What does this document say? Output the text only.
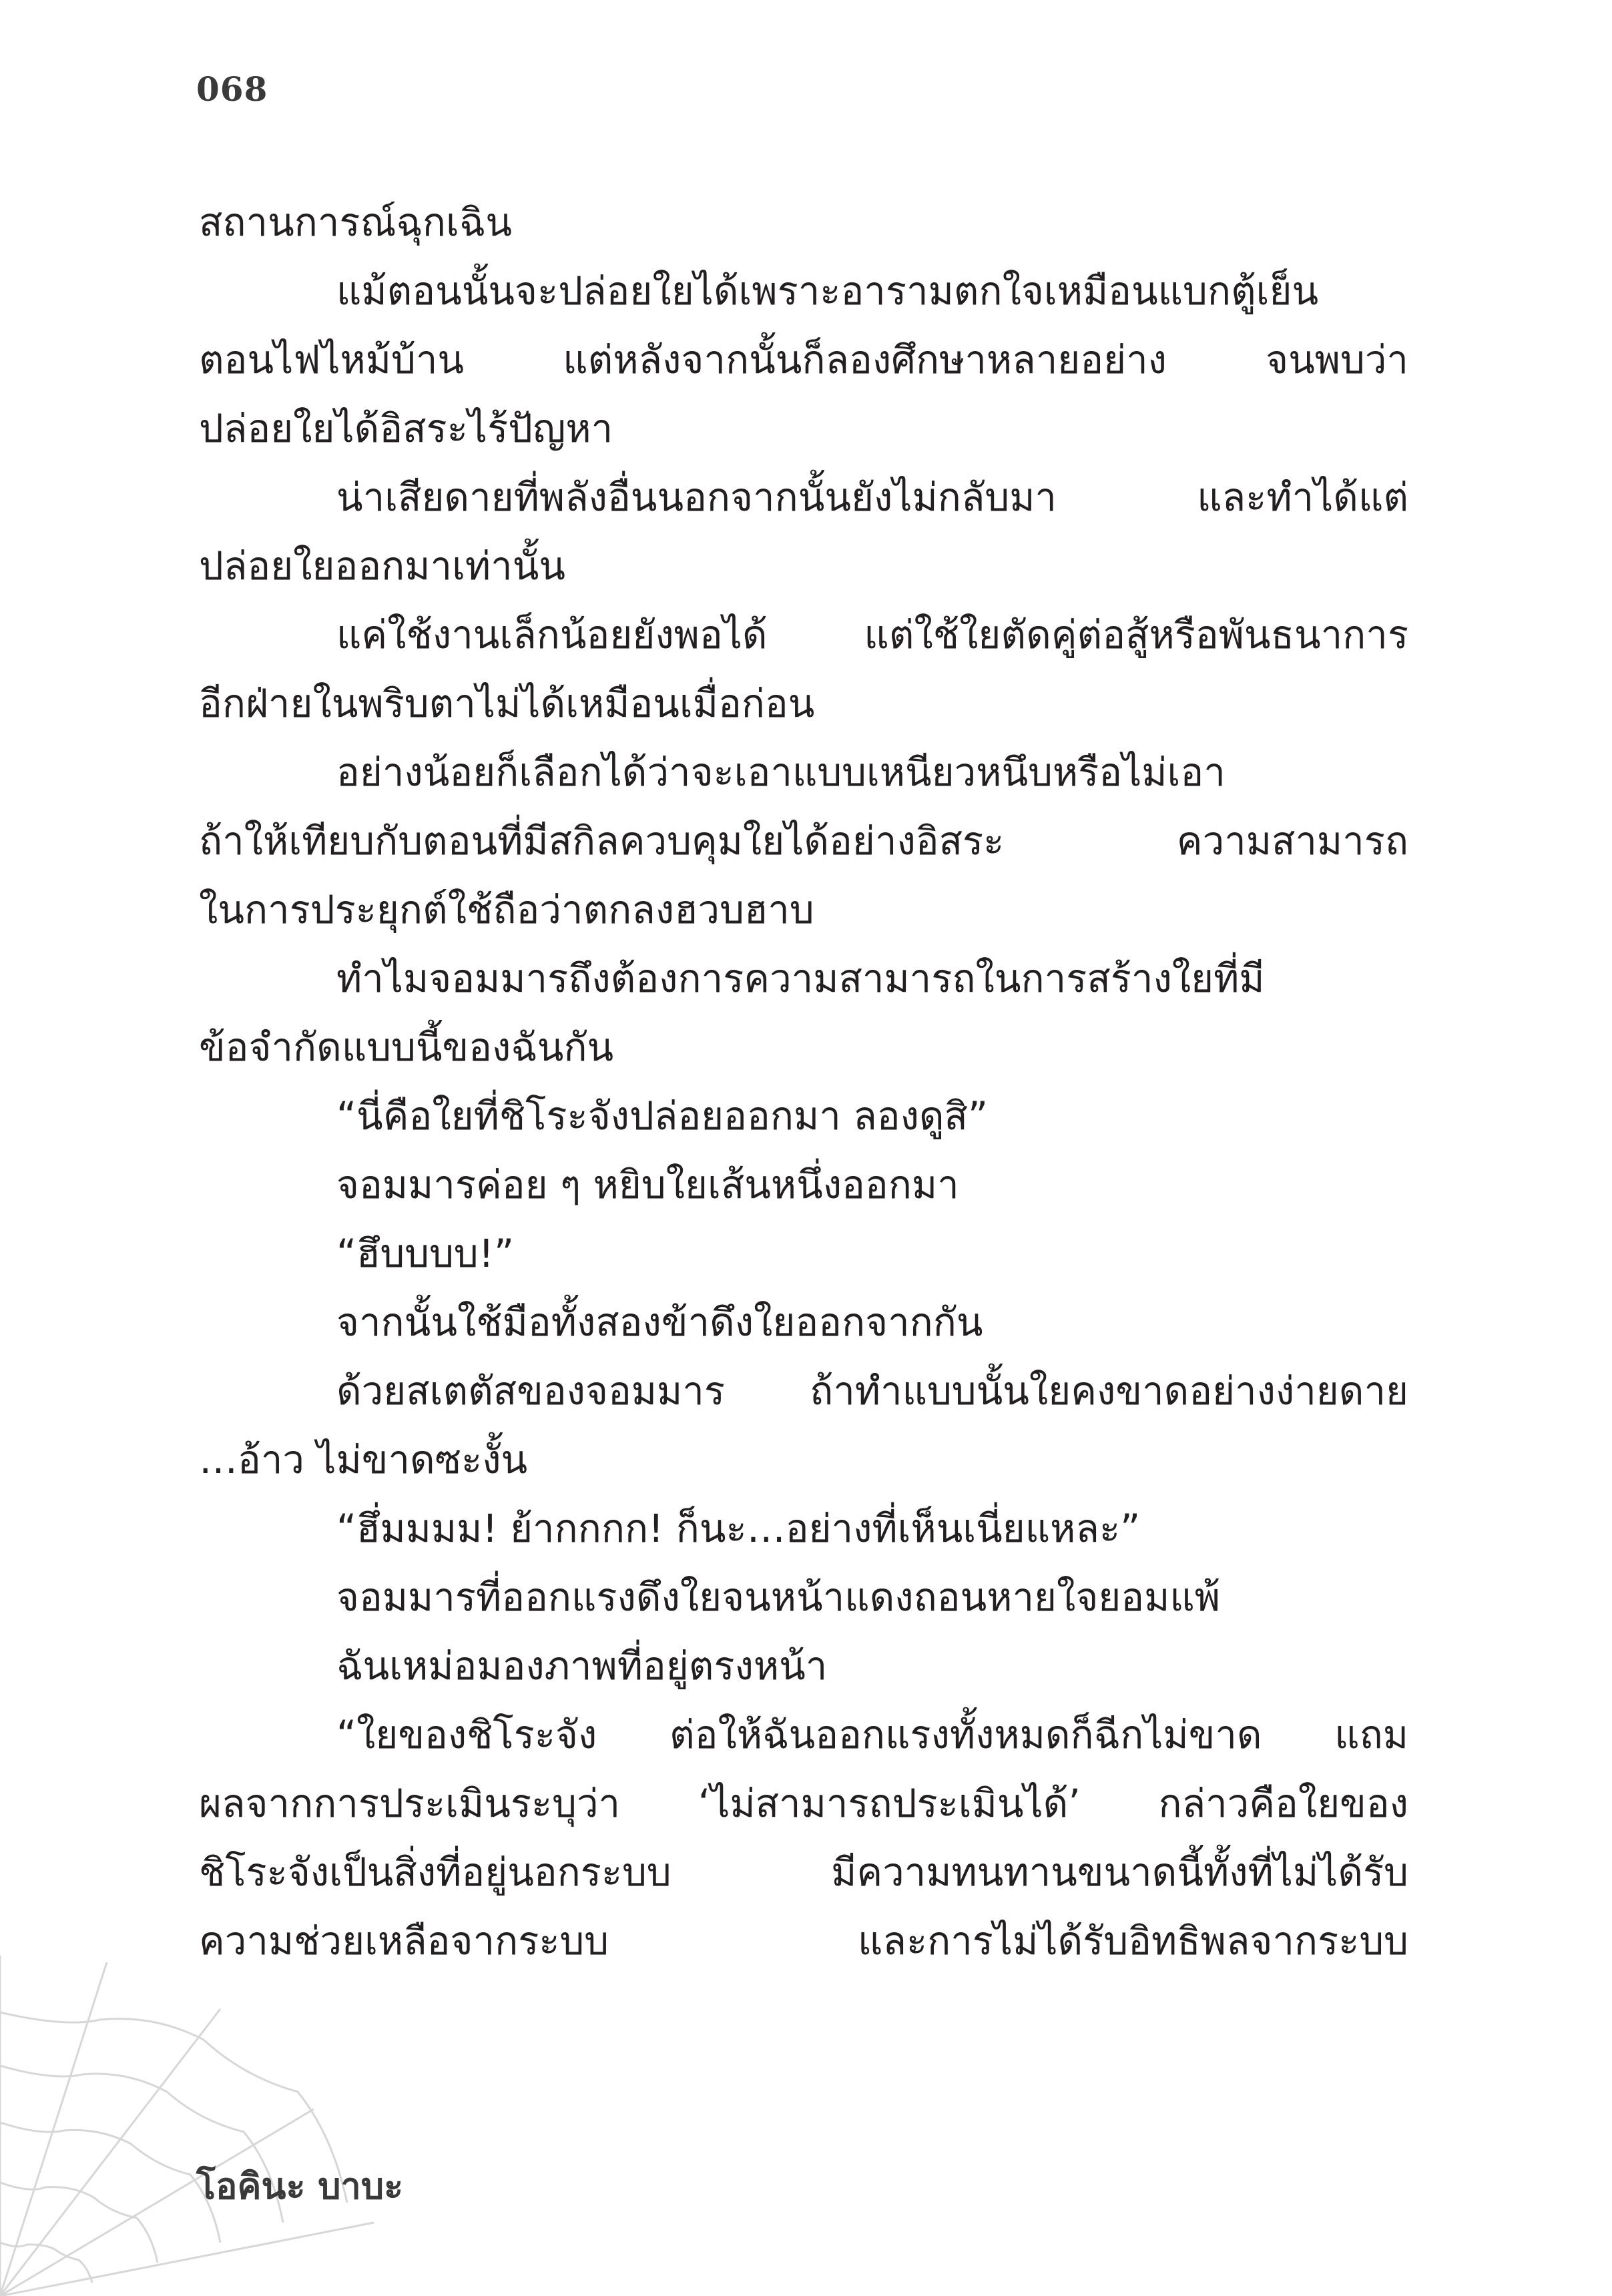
068

สถานการณ์ฉุกเฉิน

แม้ตอนนั้นจะปล่อยใยได้เพราะอารามตกใจเหมือนแบกตู้เย็น

ตอนไฟไหม้บ้าน แต่หลังจากนั้นก็ลองศึกษาหลายอย่าง จนพบว่า

ปล่อยใยได้อิสระไร้ปัญหา

น่าเสียดายที่พลังอื่นนอกจากนั้นยังไม่กลับมา และทำได้แต่

ปล่อยใยออกมาเท่านั้น

แค่ใช้งานเล็กน้อยยังพอได้ แต่ใช้ใยตัดคู่ต่อสู้หรือพันธนาการ

อีกฝ่ายในพริบตาไม่ได้เหมือนเมื่อก่อน

อย่างน้อยก็เลือกได้ว่าจะเอาแบบเหนียวหนึบหรือไม่เอา

ถ้าให้เทียบกับตอนที่มีสกิลควบคุมใยได้อย่างอิสระ ความสามารถ

ในการประยุกต์ใช้ถือว่าตกลงฮวบฮาบ

ทำไมจอมมารถึงต้องการความสามารถในการสร้างใยที่มี

ข้อจำกัดแบบนี้ของฉันกัน

“นี่คือใยที่ชิโระจังปล่อยออกมา ลองดูสิ”

จอมมารค่อย ๆ หยิบใยเส้นหนึ่งออกมา

“ฮึบบบบ!”

จากนั้นใช้มือทั้งสองข้าดึงใยออกจากกัน

ด้วยสเตตัสของจอมมาร ถ้าทำแบบนั้นใยคงขาดอย่างง่ายดาย

…อ้าว ไม่ขาดซะงั้น

“ฮึ่มมมม! ย้ากกกก! ก็นะ…อย่างที่เห็นเนี่ยแหละ”

จอมมารที่ออกแรงดึงใยจนหน้าแดงถอนหายใจยอมแพ้

ฉันเหม่อมองภาพที่อยู่ตรงหน้า

“ใยของชิโระจัง ต่อให้ฉันออกแรงทั้งหมดก็ฉีกไม่ขาด แถม

ผลจากการประเมินระบุว่า ‘ไม่สามารถประเมินได้’ กล่าวคือใยของ

ชิโระจังเป็นสิ่งที่อยู่นอกระบบ มีความทนทานขนาดนี้ทั้งที่ไม่ได้รับ

ความช่วยเหลือจากระบบ และการไม่ได้รับอิทธิพลจากระบบ

โอคินะ บาบะ
